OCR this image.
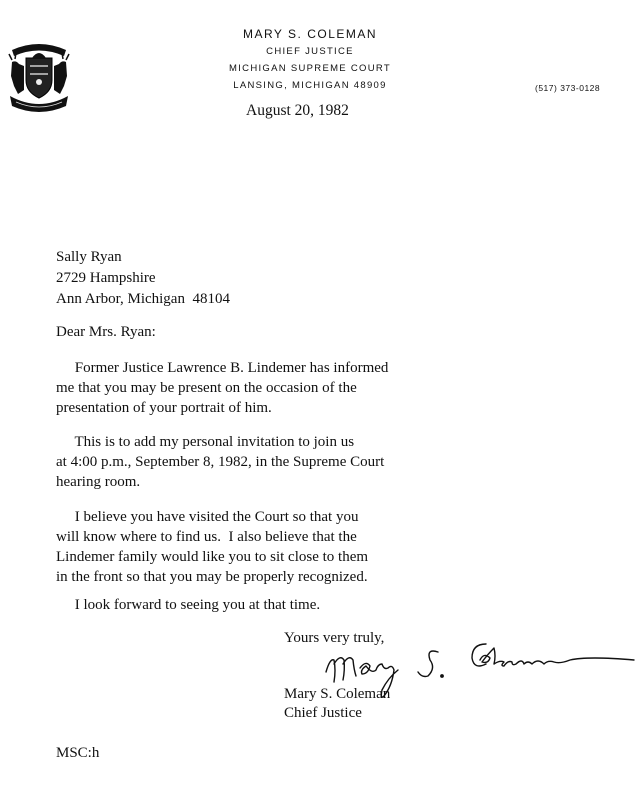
MARY S. COLEMAN
CHIEF JUSTICE
MICHIGAN SUPREME COURT
LANSING, MICHIGAN 48909	(517) 373-0128
August 20, 1982
Sally Ryan
2729 Hampshire
Ann Arbor, Michigan  48104
Dear Mrs. Ryan:
Former Justice Lawrence B. Lindemer has informed
me that you may be present on the occasion of the
presentation of your portrait of him.
This is to add my personal invitation to join us
at 4:00 p.m., September 8, 1982, in the Supreme Court
hearing room.
I believe you have visited the Court so that you
will know where to find us.  I also believe that the
Lindemer family would like you to sit close to them
in the front so that you may be properly recognized.
I look forward to seeing you at that time.
Yours very truly,
Mary S. Coleman
Chief Justice
MSC:h
